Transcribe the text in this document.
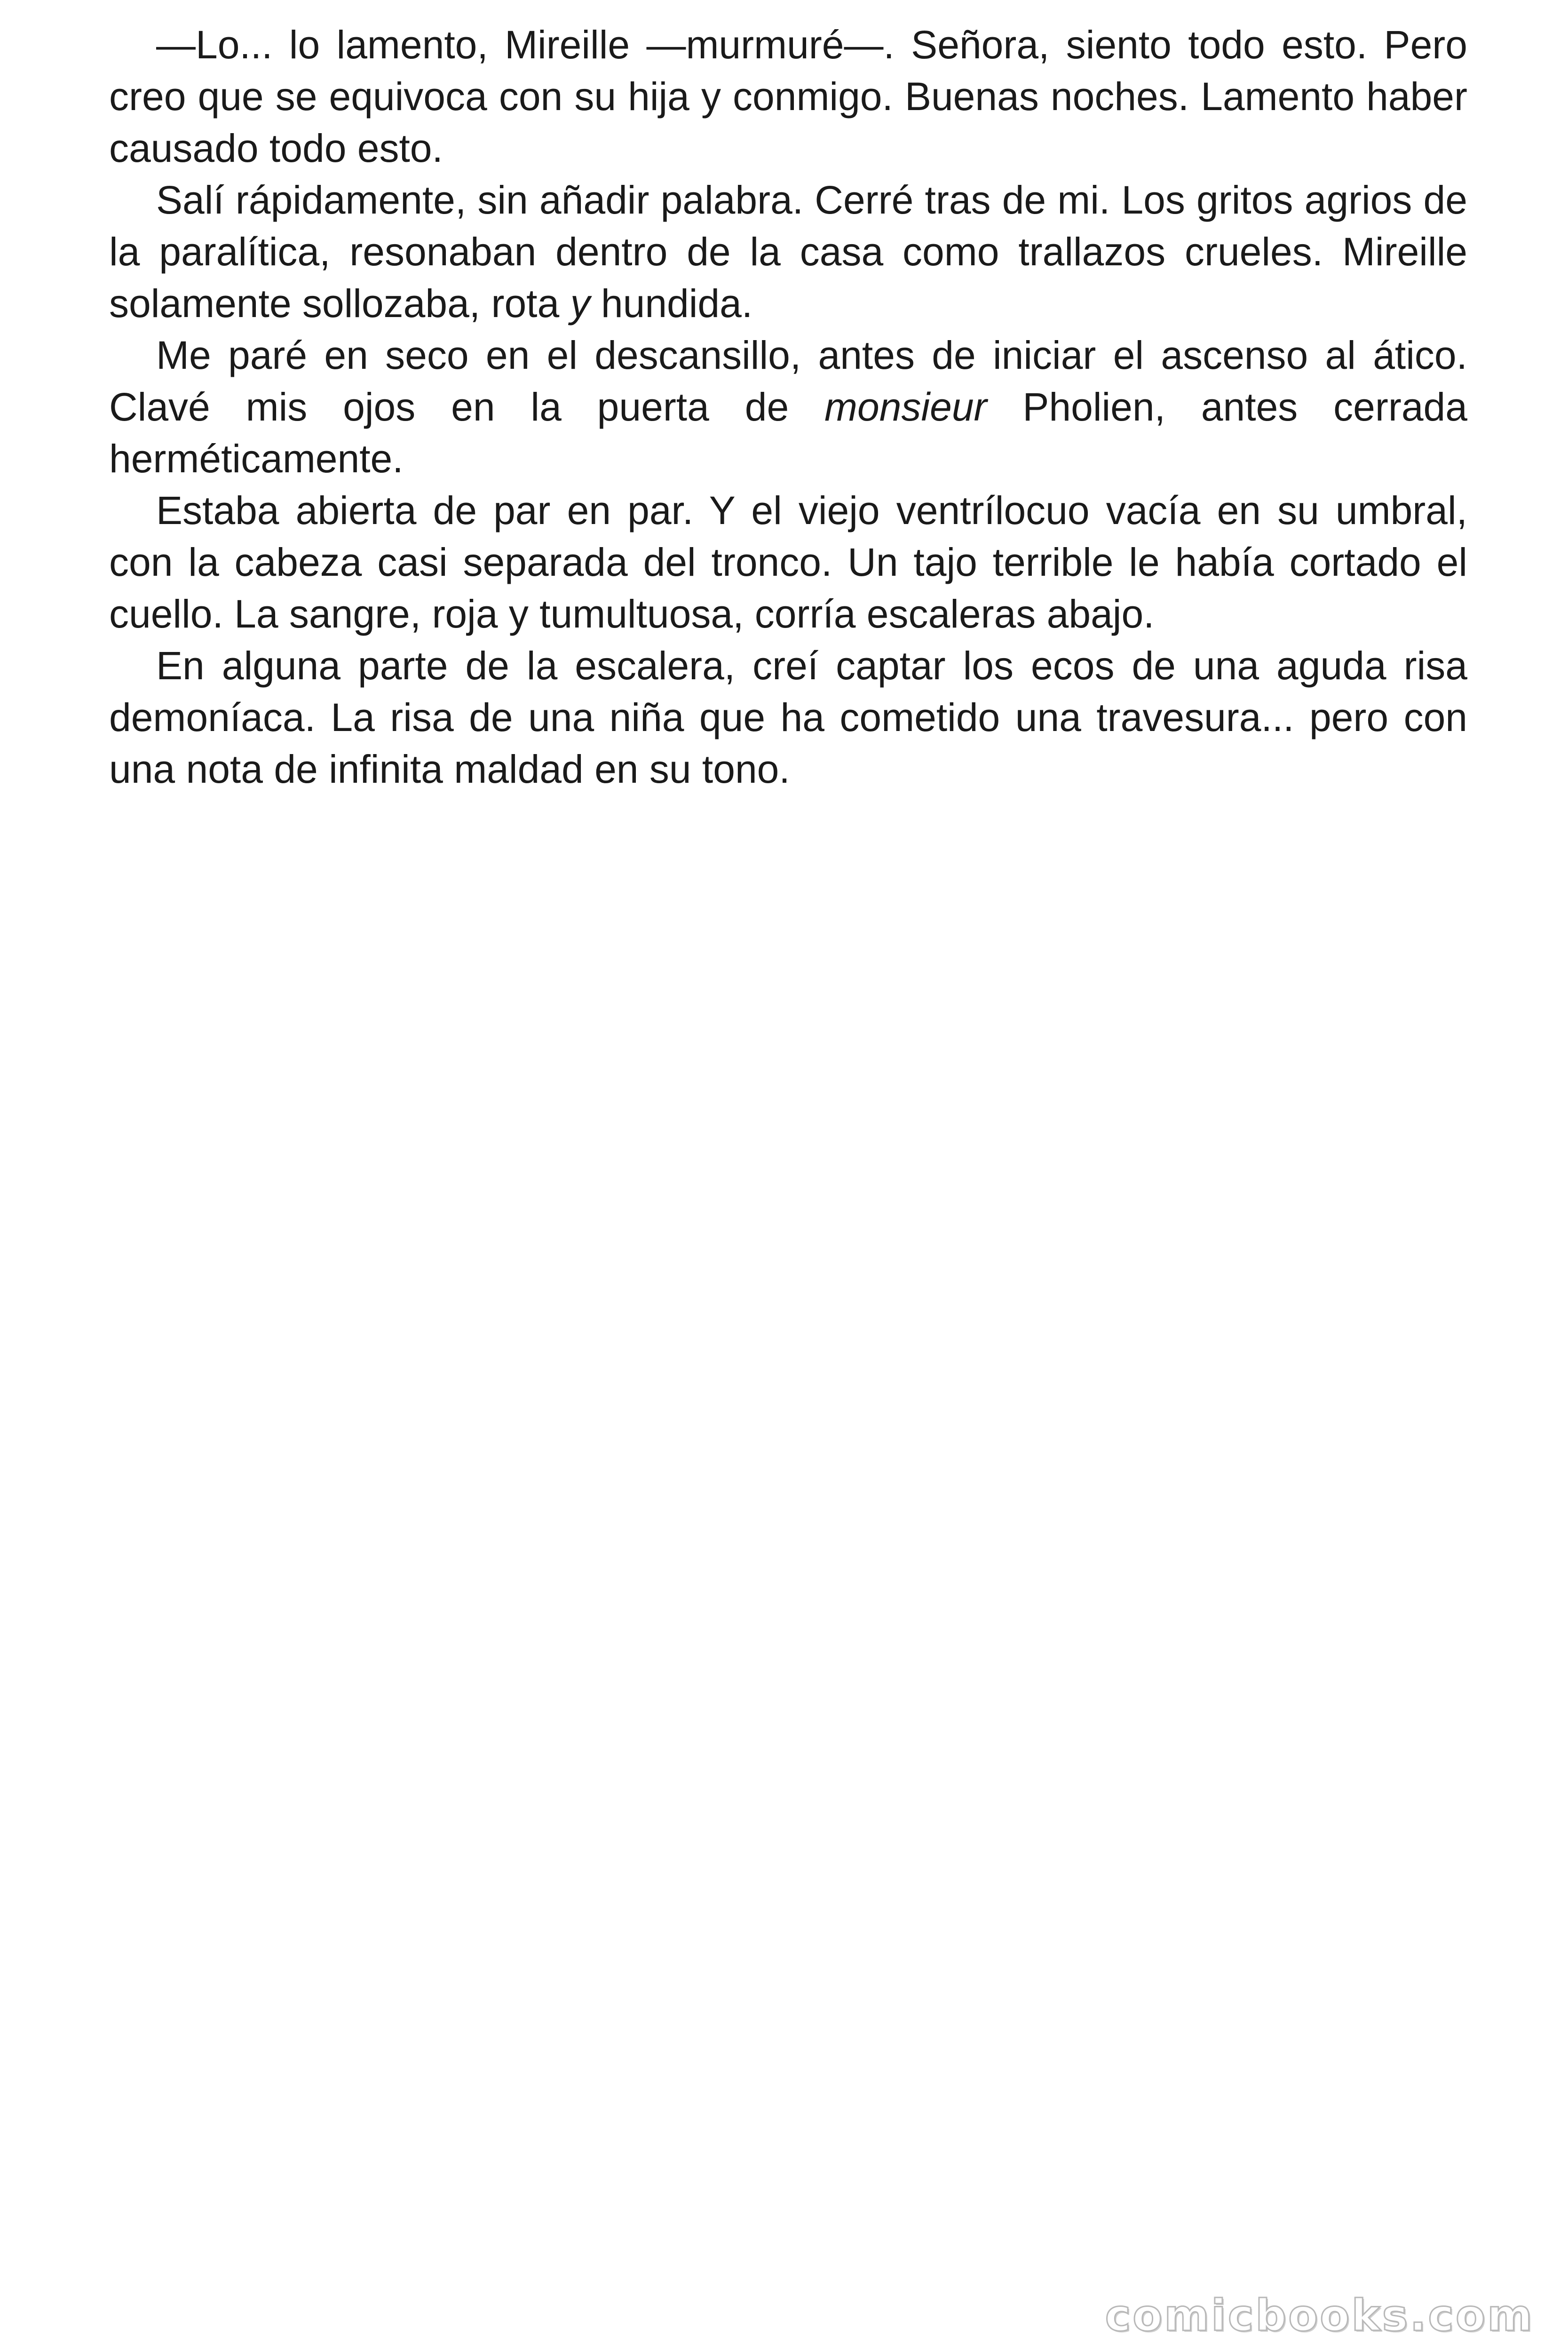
—Lo... lo lamento, Mireille —murmuré—. Señora, siento todo esto. Pero creo que se equivoca con su hija y conmigo. Buenas noches. Lamento haber causado todo esto.

Salí rápidamente, sin añadir palabra. Cerré tras de mi. Los gritos agrios de la paralítica, resonaban dentro de la casa como trallazos crueles. Mireille solamente sollozaba, rota y hundida.

Me paré en seco en el descansillo, antes de iniciar el ascenso al ático. Clavé mis ojos en la puerta de monsieur Pholien, antes cerrada herméticamente.

Estaba abierta de par en par. Y el viejo ventrílocuo vacía en su umbral, con la cabeza casi separada del tronco. Un tajo terrible le había cortado el cuello. La sangre, roja y tumultuosa, corría escaleras abajo.

En alguna parte de la escalera, creí captar los ecos de una aguda risa demoníaca. La risa de una niña que ha cometido una travesura... pero con una nota de infinita maldad en su tono.

comicbooks.com
